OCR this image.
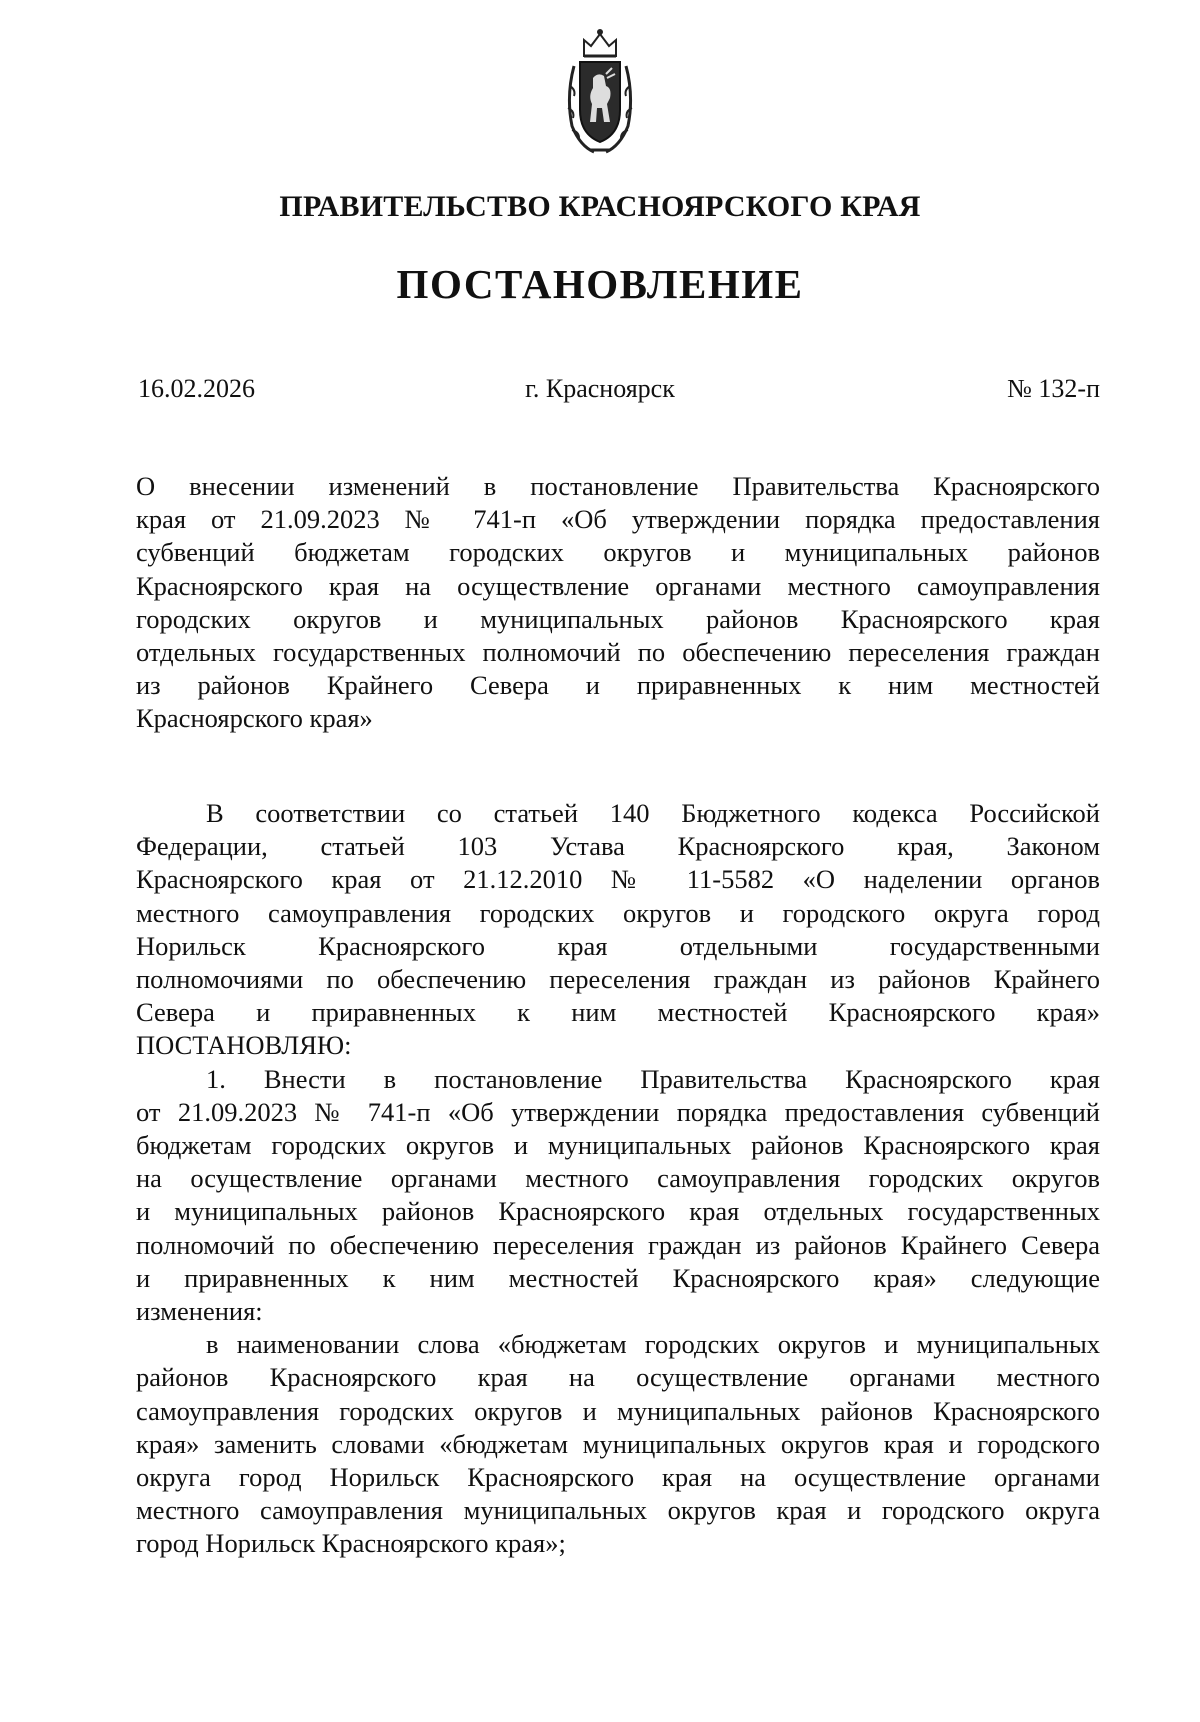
ПРАВИТЕЛЬСТВО КРАСНОЯРСКОГО КРАЯ
ПОСТАНОВЛЕНИЕ
16.02.2026	г. Красноярск	№ 132-п
О внесении изменений в постановление Правительства Красноярского
края от 21.09.2023 № 741-п «Об утверждении порядка предоставления
субвенций бюджетам городских округов и муниципальных районов
Красноярского края на осуществление органами местного самоуправления
городских округов и муниципальных районов Красноярского края
отдельных государственных полномочий по обеспечению переселения граждан
из районов Крайнего Севера и приравненных к ним местностей
Красноярского края»
В соответствии со статьей 140 Бюджетного кодекса Российской
Федерации, статьей 103 Устава Красноярского края, Законом
Красноярского края от 21.12.2010 № 11-5582 «О наделении органов
местного самоуправления городских округов и городского округа город
Норильск Красноярского края отдельными государственными
полномочиями по обеспечению переселения граждан из районов Крайнего
Севера и приравненных к ним местностей Красноярского края»
ПОСТАНОВЛЯЮ:
1. Внести в постановление Правительства Красноярского края
от 21.09.2023 № 741-п «Об утверждении порядка предоставления субвенций
бюджетам городских округов и муниципальных районов Красноярского края
на осуществление органами местного самоуправления городских округов
и муниципальных районов Красноярского края отдельных государственных
полномочий по обеспечению переселения граждан из районов Крайнего Севера
и приравненных к ним местностей Красноярского края» следующие
изменения:
в наименовании слова «бюджетам городских округов и муниципальных
районов Красноярского края на осуществление органами местного
самоуправления городских округов и муниципальных районов Красноярского
края» заменить словами «бюджетам муниципальных округов края и городского
округа город Норильск Красноярского края на осуществление органами
местного самоуправления муниципальных округов края и городского округа
город Норильск Красноярского края»;
